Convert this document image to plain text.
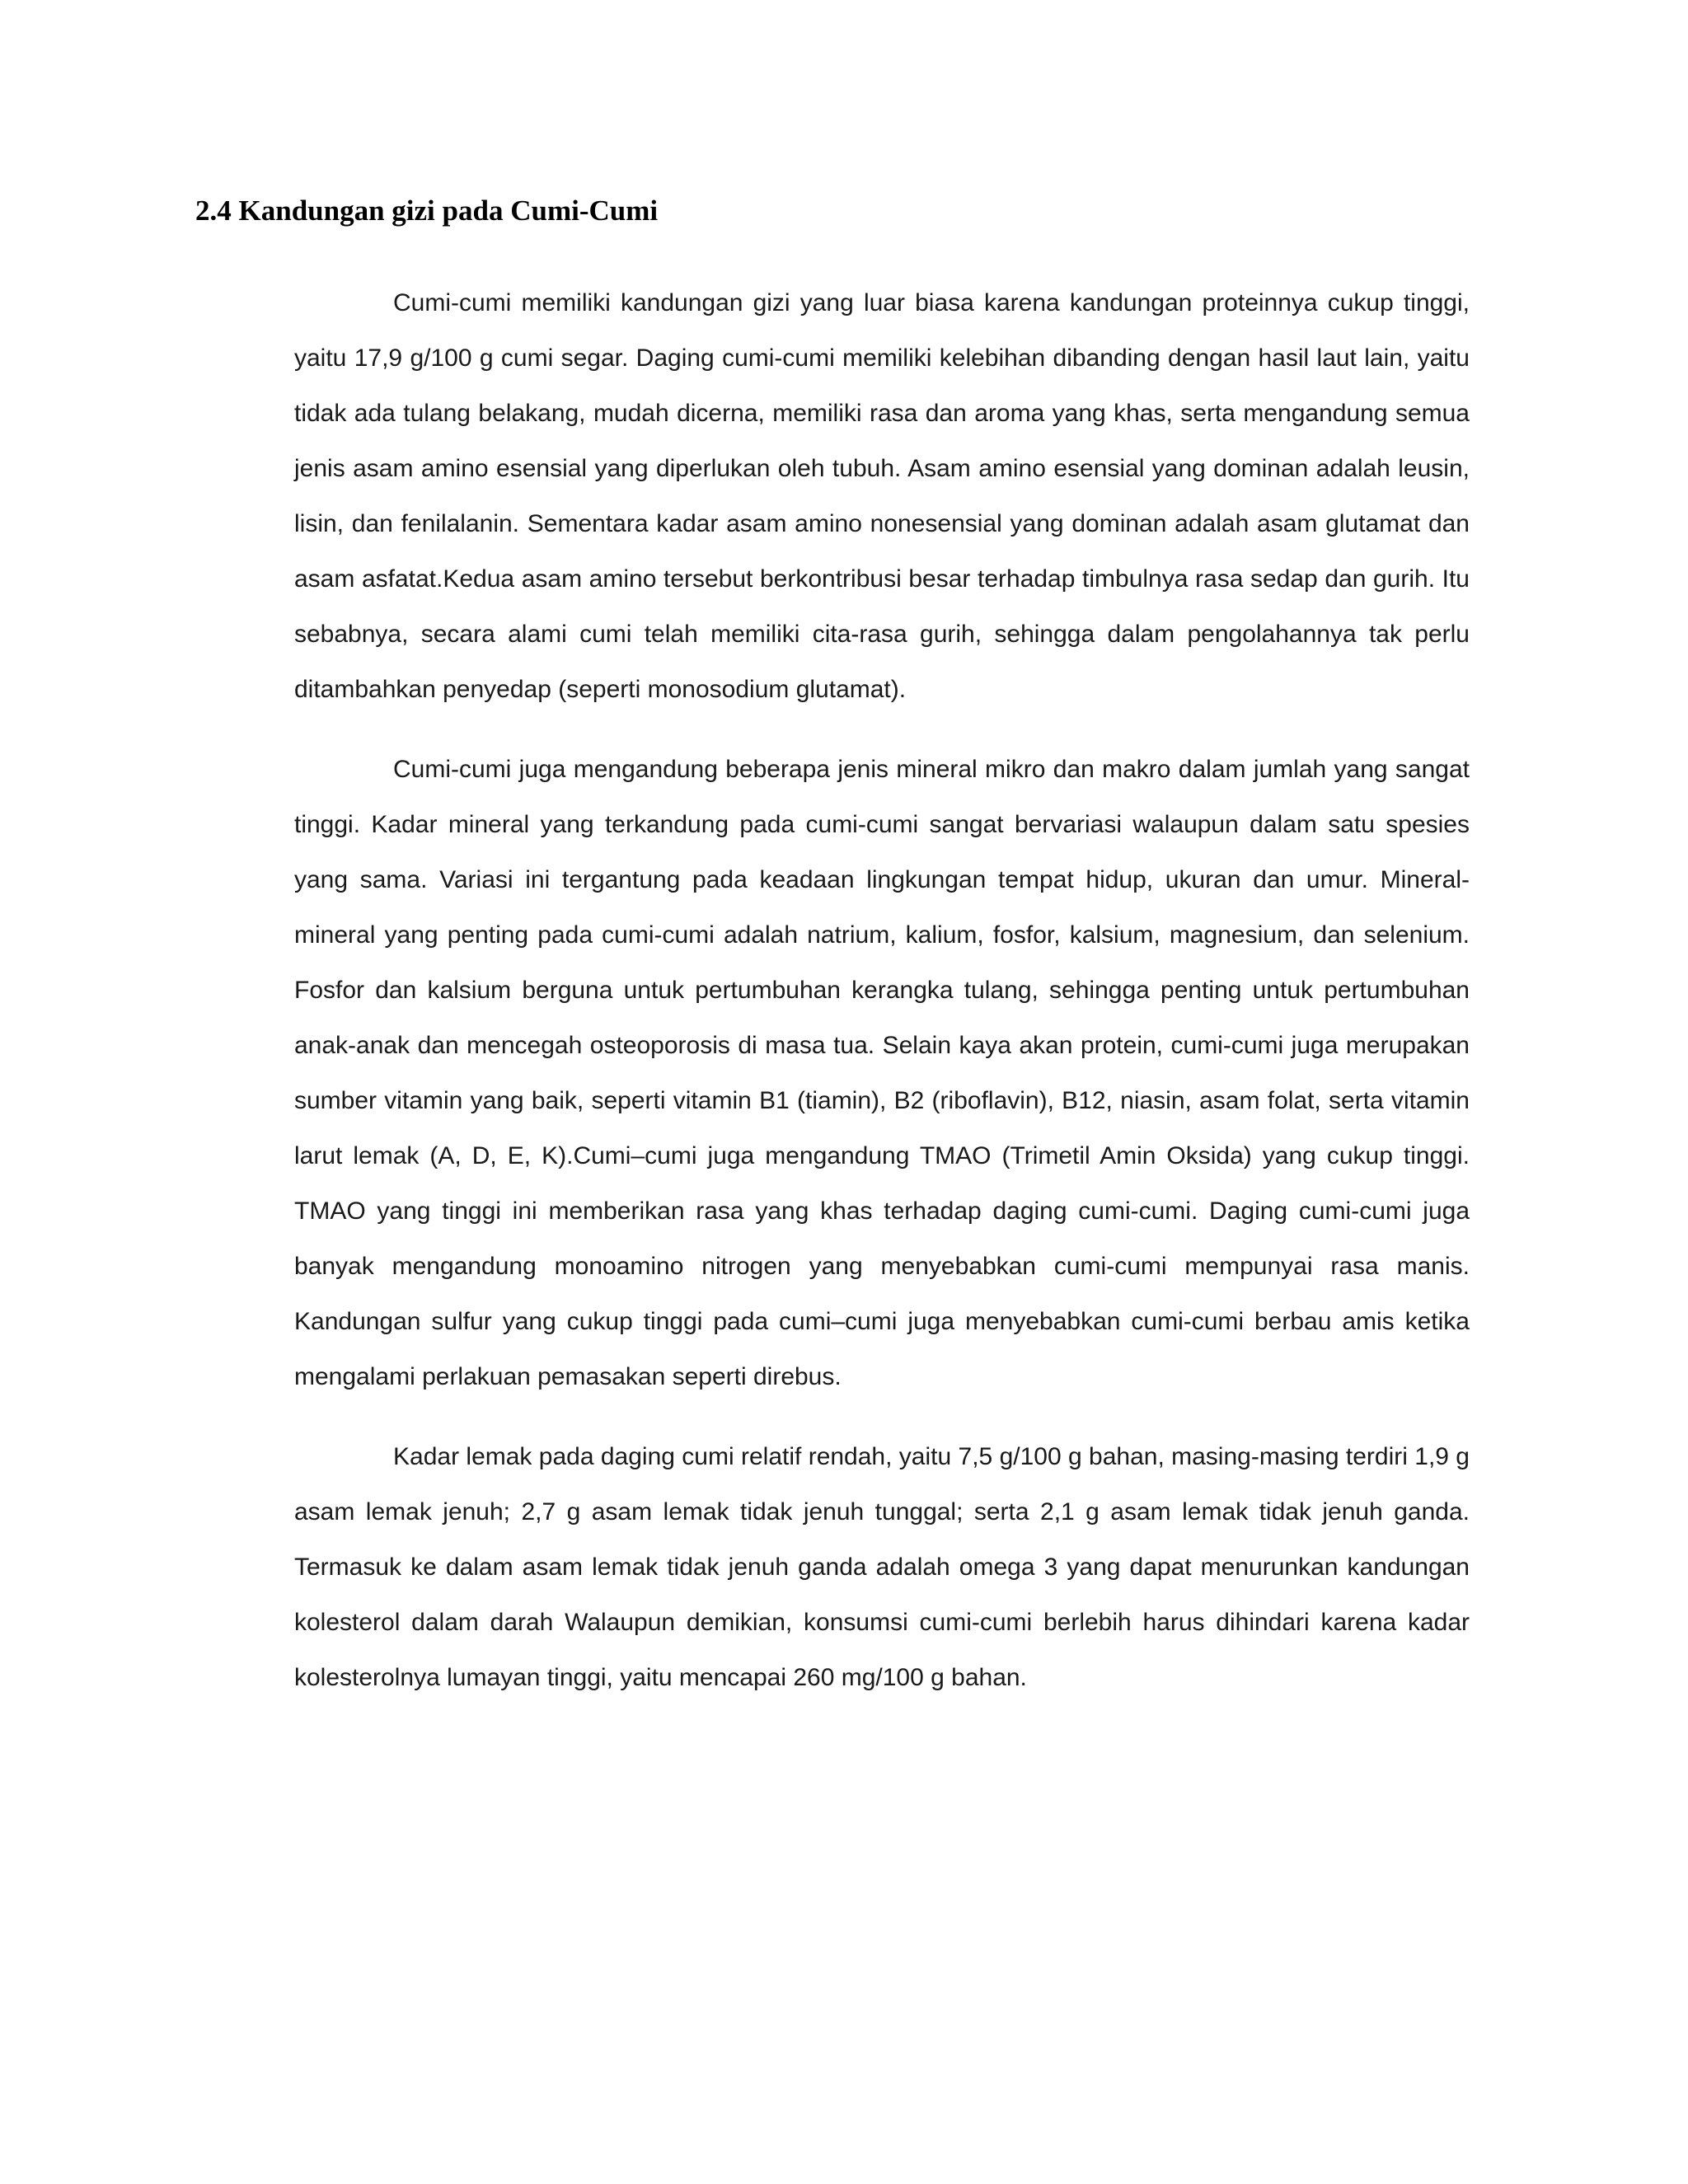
2.4 Kandungan gizi pada Cumi-Cumi

Cumi-cumi memiliki kandungan gizi yang luar biasa karena kandungan proteinnya cukup tinggi, yaitu 17,9 g/100 g cumi segar. Daging cumi-cumi memiliki kelebihan dibanding dengan hasil laut lain, yaitu tidak ada tulang belakang, mudah dicerna, memiliki rasa dan aroma yang khas, serta mengandung semua jenis asam amino esensial yang diperlukan oleh tubuh. Asam amino esensial yang dominan adalah leusin, lisin, dan fenilalanin. Sementara kadar asam amino nonesensial yang dominan adalah asam glutamat dan asam asfatat.Kedua asam amino tersebut berkontribusi besar terhadap timbulnya rasa sedap dan gurih. Itu sebabnya, secara alami cumi telah memiliki cita-rasa gurih, sehingga dalam pengolahannya tak perlu ditambahkan penyedap (seperti monosodium glutamat).

Cumi-cumi juga mengandung beberapa jenis mineral mikro dan makro dalam jumlah yang sangat tinggi. Kadar mineral yang terkandung pada cumi-cumi sangat bervariasi walaupun dalam satu spesies yang sama. Variasi ini tergantung pada keadaan lingkungan tempat hidup, ukuran dan umur. Mineral-mineral yang penting pada cumi-cumi adalah natrium, kalium, fosfor, kalsium, magnesium, dan selenium. Fosfor dan kalsium berguna untuk pertumbuhan kerangka tulang, sehingga penting untuk pertumbuhan anak-anak dan mencegah osteoporosis di masa tua. Selain kaya akan protein, cumi-cumi juga merupakan sumber vitamin yang baik, seperti vitamin B1 (tiamin), B2 (riboflavin), B12, niasin, asam folat, serta vitamin larut lemak (A, D, E, K).Cumi–cumi juga mengandung TMAO (Trimetil Amin Oksida) yang cukup tinggi. TMAO yang tinggi ini memberikan rasa yang khas terhadap daging cumi-cumi. Daging cumi-cumi juga banyak mengandung monoamino nitrogen yang menyebabkan cumi-cumi mempunyai rasa manis. Kandungan sulfur yang cukup tinggi pada cumi–cumi juga menyebabkan cumi-cumi berbau amis ketika mengalami perlakuan pemasakan seperti direbus.

Kadar lemak pada daging cumi relatif rendah, yaitu 7,5 g/100 g bahan, masing-masing terdiri 1,9 g asam lemak jenuh; 2,7 g asam lemak tidak jenuh tunggal; serta 2,1 g asam lemak tidak jenuh ganda. Termasuk ke dalam asam lemak tidak jenuh ganda adalah omega 3 yang dapat menurunkan kandungan kolesterol dalam darah Walaupun demikian, konsumsi cumi-cumi berlebih harus dihindari karena kadar kolesterolnya lumayan tinggi, yaitu mencapai 260 mg/100 g bahan.
